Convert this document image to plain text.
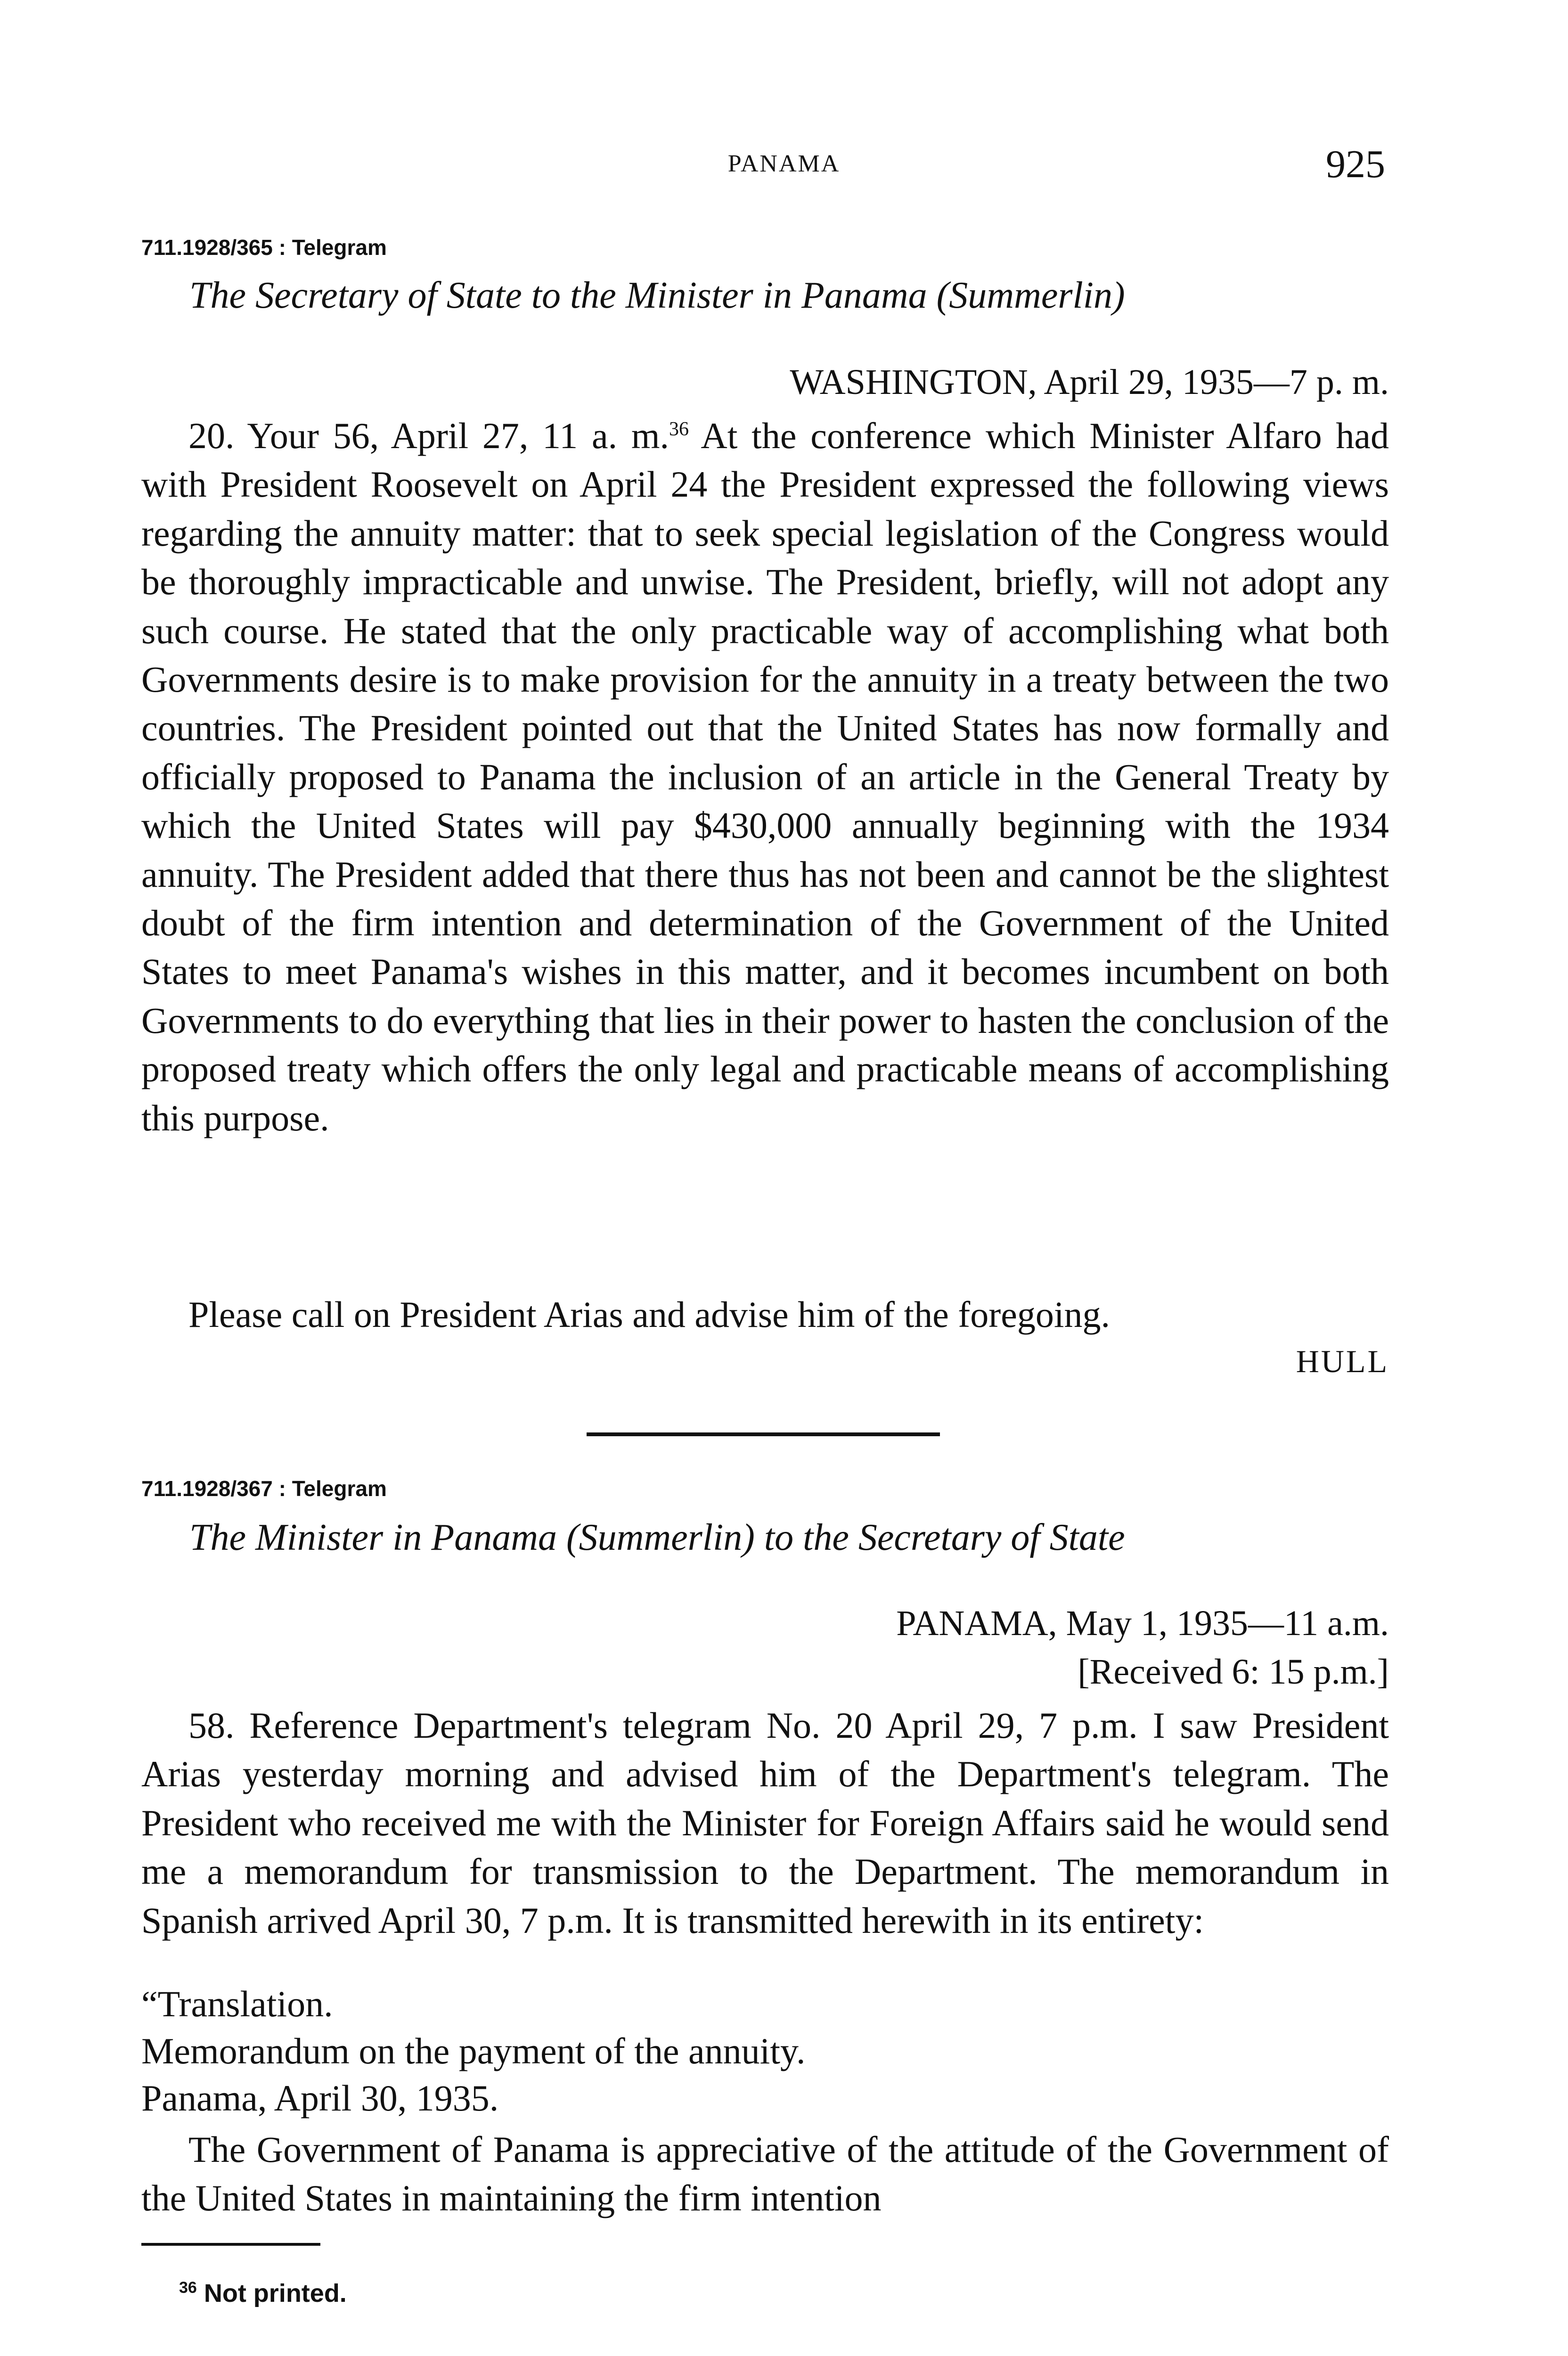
PANAMA	925
711.1928/365 : Telegram
The Secretary of State to the Minister in Panama (Summerlin)
WASHINGTON, April 29, 1935—7 p. m.

20. Your 56, April 27, 11 a. m.$^{36}$ At the conference which Minister Alfaro had with President Roosevelt on April 24 the President expressed the following views regarding the annuity matter: that to seek special legislation of the Congress would be thoroughly impracticable and unwise. The President, briefly, will not adopt any such course. He stated that the only practicable way of accomplishing what both Governments desire is to make provision for the annuity in a treaty between the two countries. The President pointed out that the United States has now formally and officially proposed to Panama the inclusion of an article in the General Treaty by which the United States will pay $430,000 annually beginning with the 1934 annuity. The President added that there thus has not been and cannot be the slightest doubt of the firm intention and determination of the Government of the United States to meet Panama's wishes in this matter, and it becomes incumbent on both Governments to do everything that lies in their power to hasten the conclusion of the proposed treaty which offers the only legal and practicable means of accomplishing this purpose.

Please call on President Arias and advise him of the foregoing.

HULL
711.1928/367 : Telegram
The Minister in Panama (Summerlin) to the Secretary of State
PANAMA, May 1, 1935—11 a.m.
[Received 6: 15 p.m.]

58. Reference Department's telegram No. 20 April 29, 7 p.m. I saw President Arias yesterday morning and advised him of the Department's telegram. The President who received me with the Minister for Foreign Affairs said he would send me a memorandum for transmission to the Department. The memorandum in Spanish arrived April 30, 7 p.m. It is transmitted herewith in its entirety:

“Translation.
Memorandum on the payment of the annuity.
Panama, April 30, 1935.

The Government of Panama is appreciative of the attitude of the Government of the United States in maintaining the firm intention

$^{36}$ Not printed.
